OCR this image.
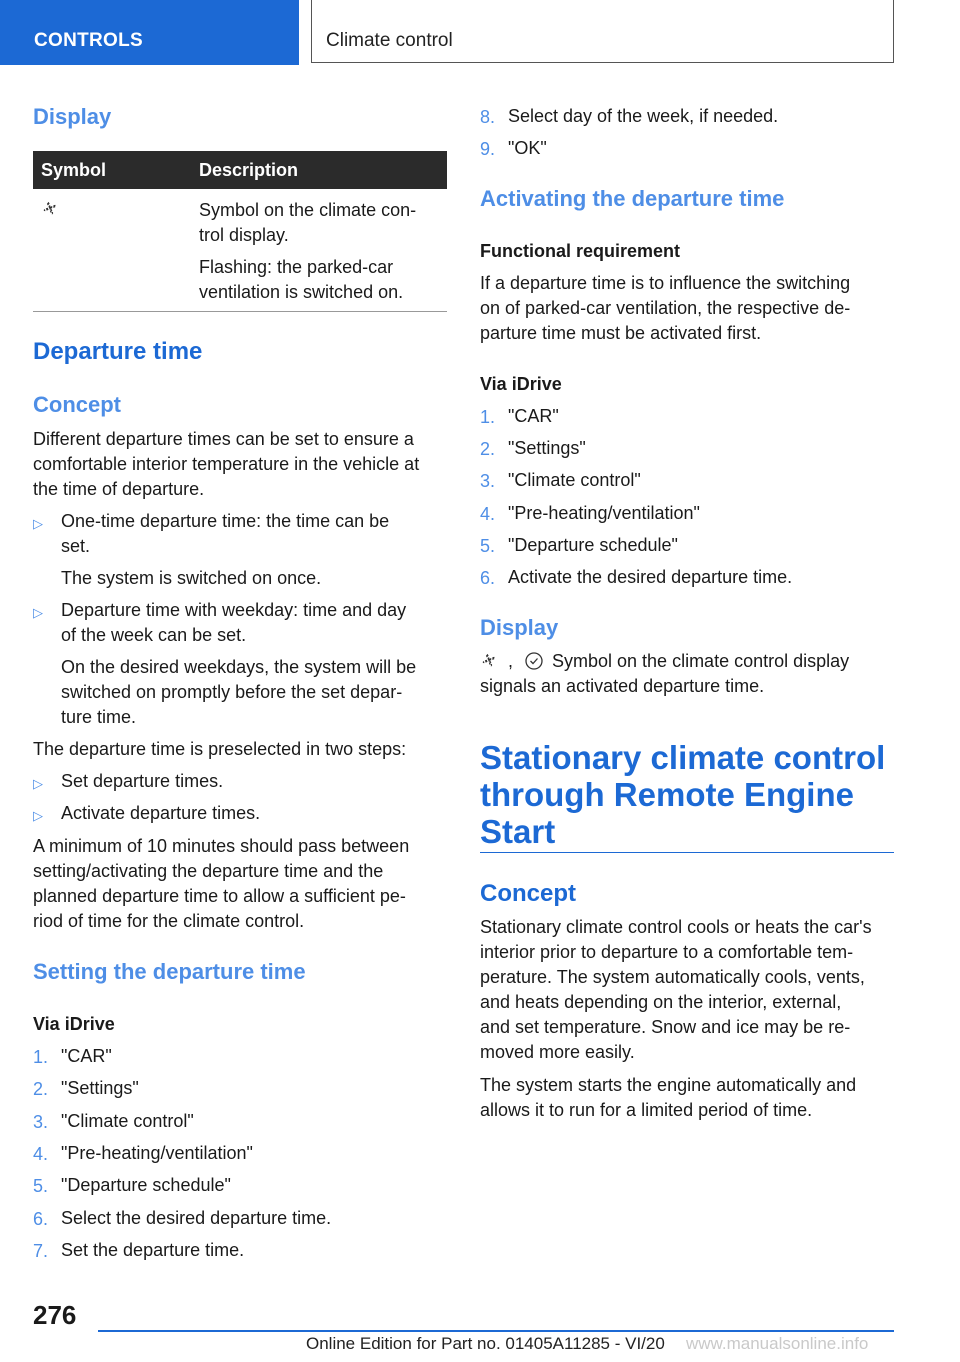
CONTROLS	Climate control
Display
Symbol	Description
Symbol on the climate con-
trol display.
Flashing: the parked-car
ventilation is switched on.
Departure time
Concept
Different departure times can be set to ensure a
comfortable interior temperature in the vehicle at
the time of departure.
▷ One-time departure time: the time can be
set.
The system is switched on once.
▷ Departure time with weekday: time and day
of the week can be set.
On the desired weekdays, the system will be
switched on promptly before the set depar-
ture time.
The departure time is preselected in two steps:
▷ Set departure times.
▷ Activate departure times.
A minimum of 10 minutes should pass between
setting/activating the departure time and the
planned departure time to allow a sufficient pe-
riod of time for the climate control.
Setting the departure time
Via iDrive
1. "CAR"
2. "Settings"
3. "Climate control"
4. "Pre-heating/ventilation"
5. "Departure schedule"
6. Select the desired departure time.
7. Set the departure time.
8. Select day of the week, if needed.
9. "OK"
Activating the departure time
Functional requirement
If a departure time is to influence the switching
on of parked-car ventilation, the respective de-
parture time must be activated first.
Via iDrive
1. "CAR"
2. "Settings"
3. "Climate control"
4. "Pre-heating/ventilation"
5. "Departure schedule"
6. Activate the desired departure time.
Display
, Symbol on the climate control display
signals an activated departure time.
Stationary climate control
through Remote Engine
Start
Concept
Stationary climate control cools or heats the car's
interior prior to departure to a comfortable tem-
perature. The system automatically cools, vents,
and heats depending on the interior, external,
and set temperature. Snow and ice may be re-
moved more easily.
The system starts the engine automatically and
allows it to run for a limited period of time.
276
Online Edition for Part no. 01405A11285 - VI/20 www.manualsonline.info
